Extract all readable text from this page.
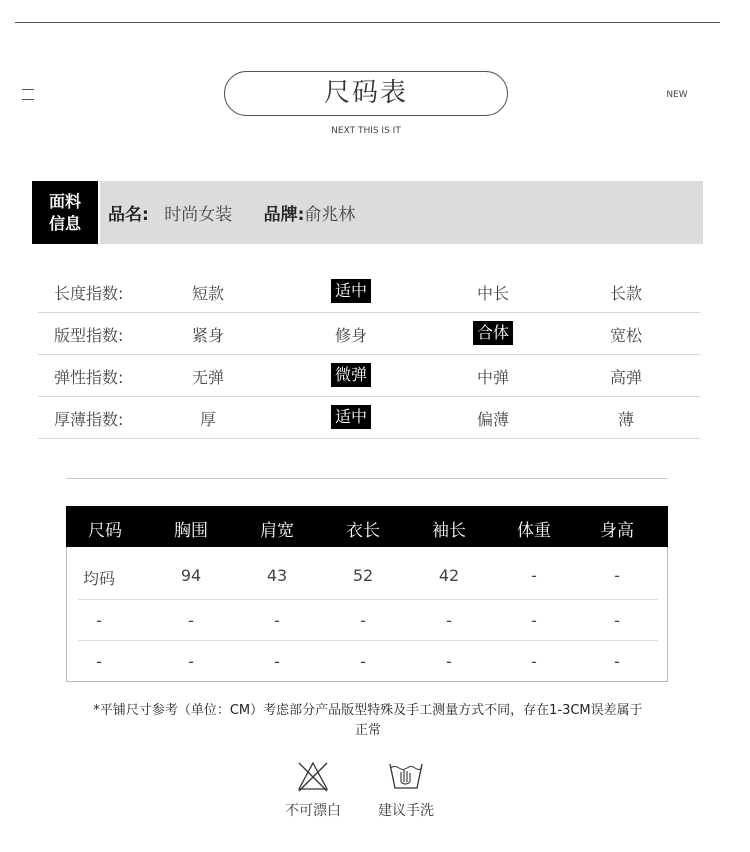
尺码表
NEXT THIS IS IT
NEW
面料
信息	品名: 时尚女装 品牌:俞兆林
长度指数:	短款	适中	中长	长款
版型指数:	紧身	修身	合体	宽松
弹性指数:	无弹	微弹	中弹	高弹
厚薄指数:	厚	适中	偏薄	薄
尺码	胸围	肩宽	衣长	袖长	体重	身高
均码	94	43	52	42	-	-
-	-	-	-	-	-	-
-	-	-	-	-	-	-
*平铺尺寸参考（单位：CM）考虑部分产品版型特殊及手工测量方式不同，存在1-3CM误差属于
正常
不可漂白	建议手洗
